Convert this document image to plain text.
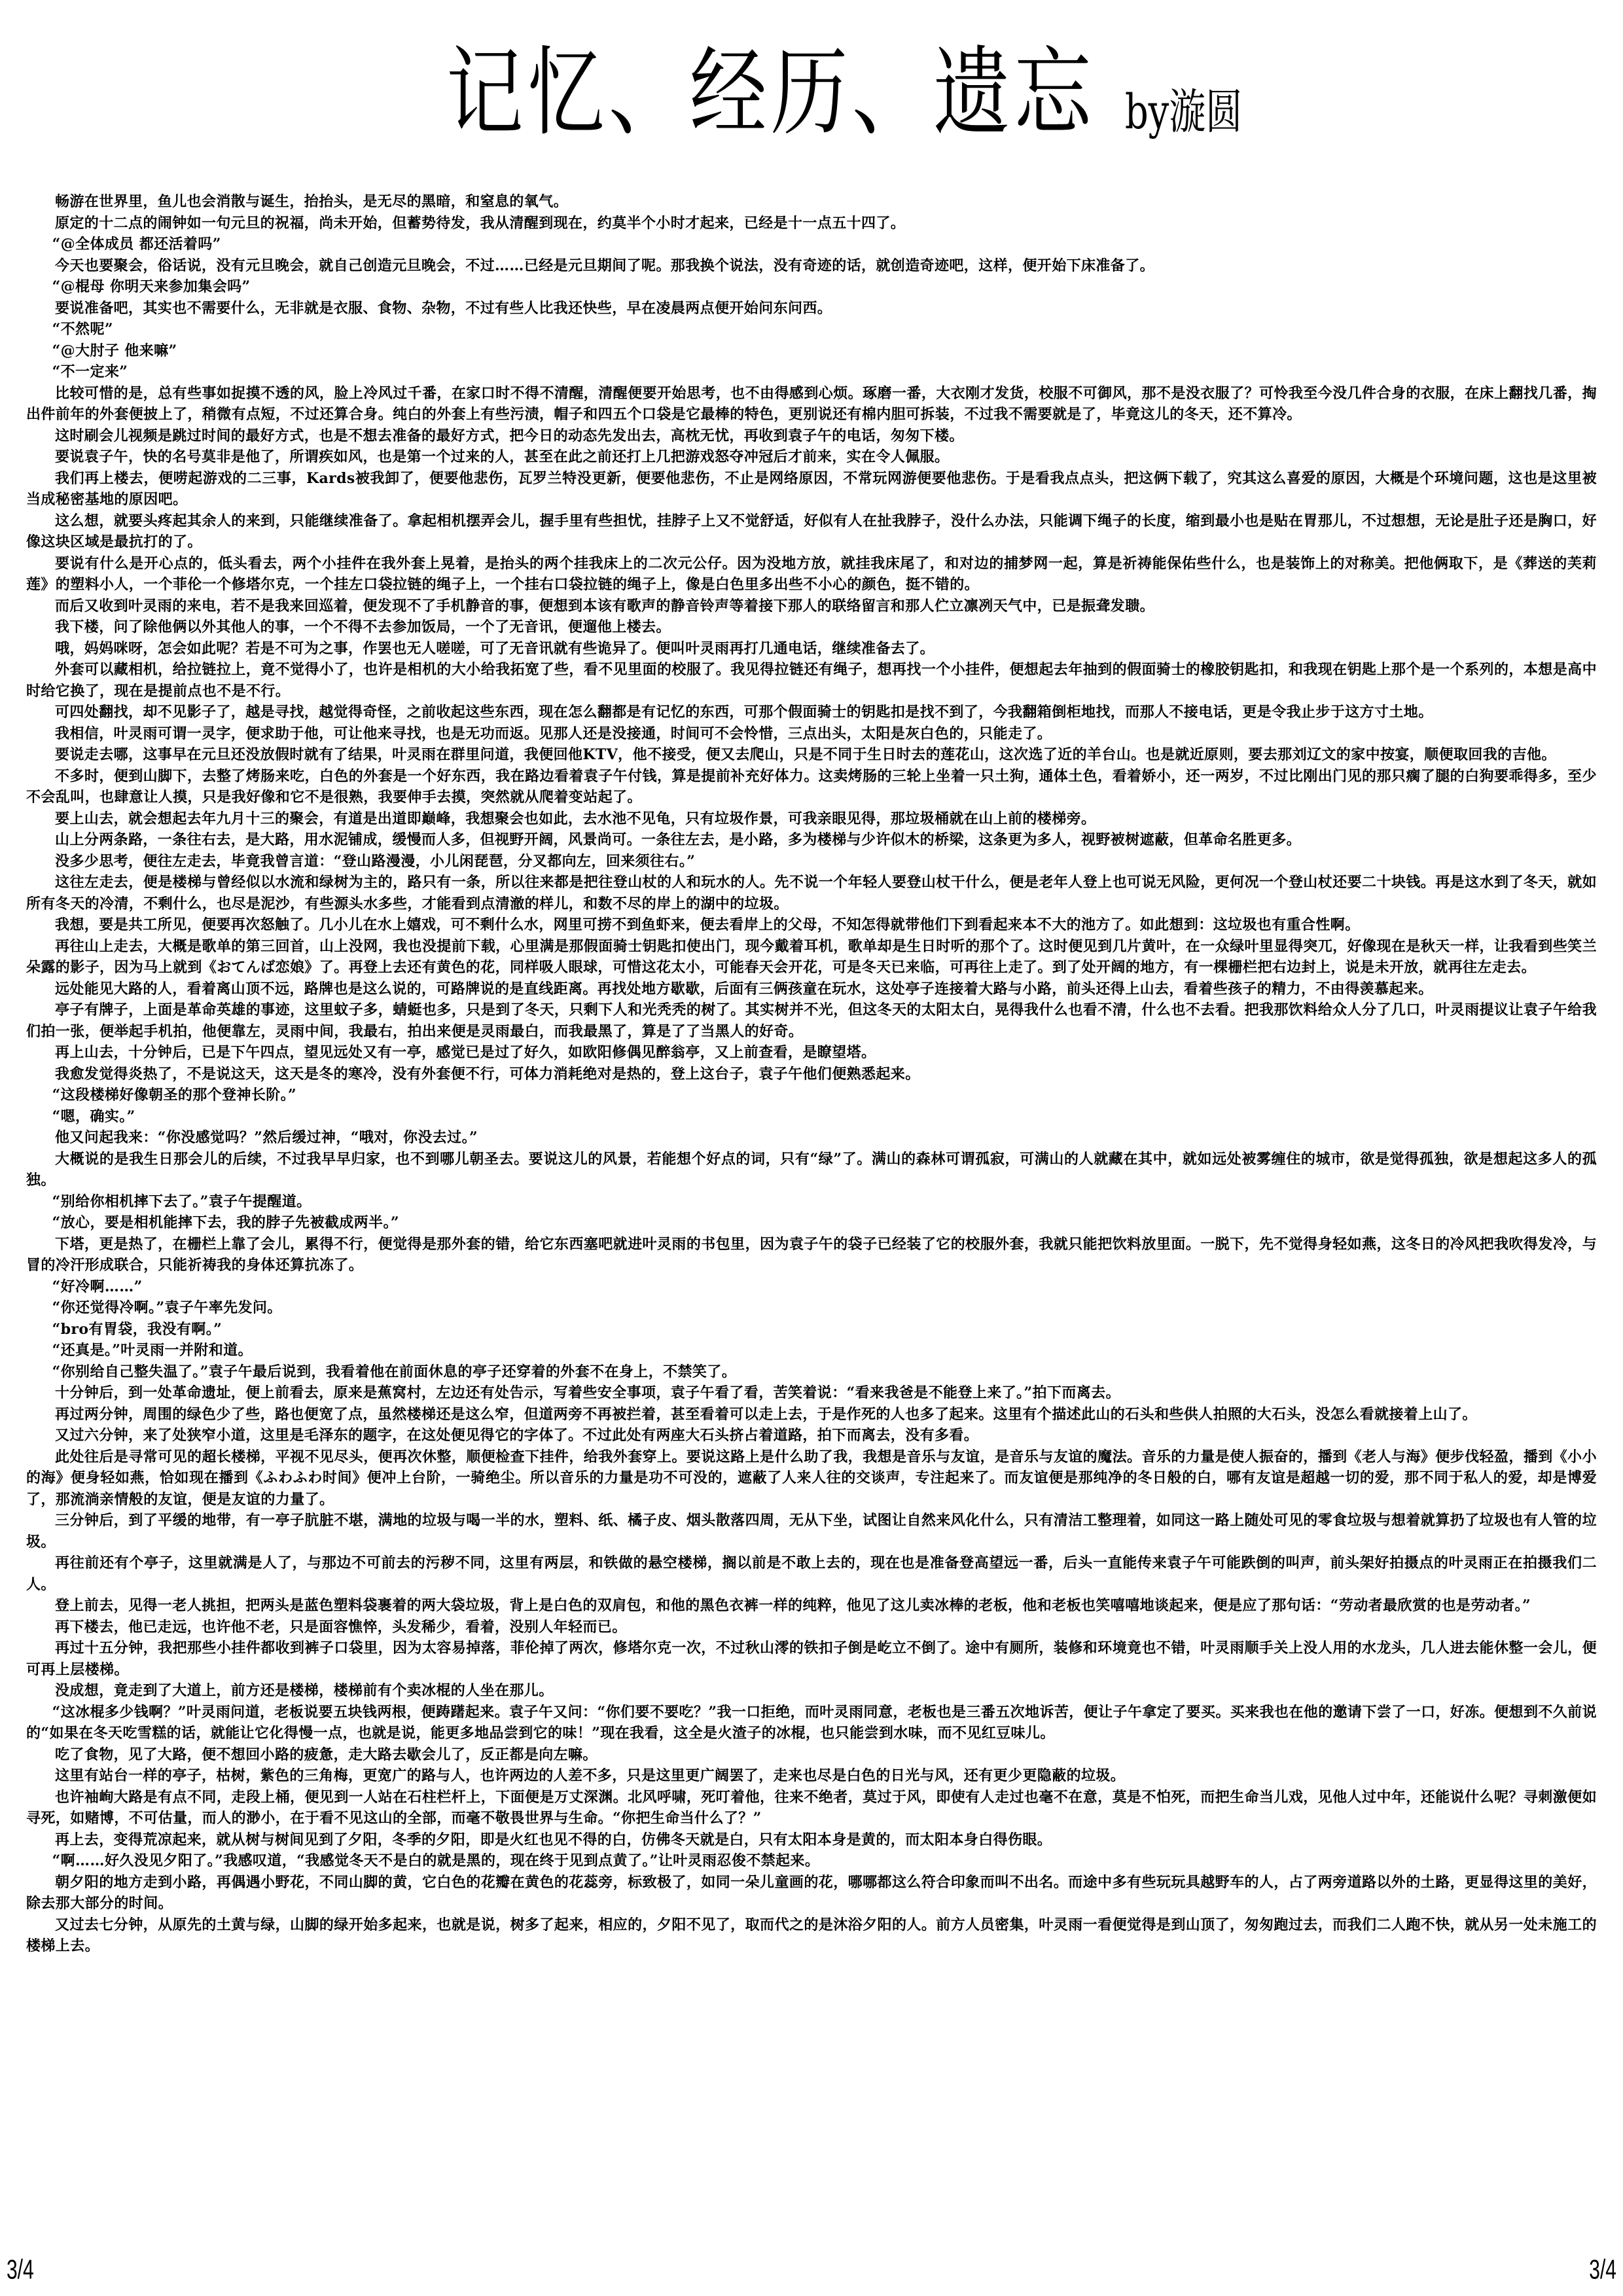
记忆、经历、遗忘 by漩圆

畅游在世界里，鱼儿也会消散与诞生，抬抬头，是无尽的黑暗，和窒息的氧气。

原定的十二点的闹钟如一句元旦的祝福，尚未开始，但蓄势待发，我从清醒到现在，约莫半个小时才起来，已经是十一点五十四了。

“@全体成员 都还活着吗”

今天也要聚会，俗话说，没有元旦晚会，就自己创造元旦晚会，不过……已经是元旦期间了呢。那我换个说法，没有奇迹的话，就创造奇迹吧，这样，便开始下床准备了。

“@棍母 你明天来参加集会吗”

要说准备吧，其实也不需要什么，无非就是衣服、食物、杂物，不过有些人比我还快些，早在凌晨两点便开始问东问西。

“不然呢”

“@大肘子 他来嘛”

“不一定来”

比较可惜的是，总有些事如捉摸不透的风，脸上冷风过千番，在家口时不得不清醒，清醒便要开始思考，也不由得感到心烦。琢磨一番，大衣刚才发货，校服不可御风，那不是没衣服了？可怜我至今没几件合身的衣服，在床上翻找几番，掏出件前年的外套便披上了，稍微有点短，不过还算合身。纯白的外套上有些污渍，帽子和四五个口袋是它最棒的特色，更别说还有棉内胆可拆装，不过我不需要就是了，毕竟这儿的冬天，还不算冷。

这时刷会儿视频是跳过时间的最好方式，也是不想去准备的最好方式，把今日的动态先发出去，高枕无忧，再收到袁子午的电话，匆匆下楼。

要说袁子午，快的名号莫非是他了，所谓疾如风，也是第一个过来的人，甚至在此之前还打上几把游戏怒夺冲冠后才前来，实在令人佩服。

我们再上楼去，便唠起游戏的二三事，Kards被我卸了，便要他悲伤，瓦罗兰特没更新，便要他悲伤，不止是网络原因，不常玩网游便要他悲伤。于是看我点点头，把这俩下载了，究其这么喜爱的原因，大概是个环境问题，这也是这里被当成秘密基地的原因吧。

这么想，就要头疼起其余人的来到，只能继续准备了。拿起相机摆弄会儿，握手里有些担忧，挂脖子上又不觉舒适，好似有人在扯我脖子，没什么办法，只能调下绳子的长度，缩到最小也是贴在胃那儿，不过想想，无论是肚子还是胸口，好像这块区域是最抗打的了。

要说有什么是开心点的，低头看去，两个小挂件在我外套上晃着，是抬头的两个挂我床上的二次元公仔。因为没地方放，就挂我床尾了，和对边的捕梦网一起，算是祈祷能保佑些什么，也是装饰上的对称美。把他俩取下，是《葬送的芙莉莲》的塑料小人，一个菲伦一个修塔尔克，一个挂左口袋拉链的绳子上，一个挂右口袋拉链的绳子上，像是白色里多出些不小心的颜色，挺不错的。

而后又收到叶灵雨的来电，若不是我来回巡着，便发现不了手机静音的事，便想到本该有歌声的静音铃声等着接下那人的联络留言和那人伫立凛冽天气中，已是振聋发聩。

我下楼，问了除他俩以外其他人的事，一个不得不去参加饭局，一个了无音讯，便遛他上楼去。

哦，妈妈咪呀，怎会如此呢？若是不可为之事，作罢也无人嗟嗟，可了无音讯就有些诡异了。便叫叶灵雨再打几通电话，继续准备去了。

外套可以藏相机，给拉链拉上，竟不觉得小了，也许是相机的大小给我拓宽了些，看不见里面的校服了。我见得拉链还有绳子，想再找一个小挂件，便想起去年抽到的假面骑士的橡胶钥匙扣，和我现在钥匙上那个是一个系列的，本想是高中时给它换了，现在是提前点也不是不行。

可四处翻找，却不见影子了，越是寻找，越觉得奇怪，之前收起这些东西，现在怎么翻都是有记忆的东西，可那个假面骑士的钥匙扣是找不到了，今我翻箱倒柜地找，而那人不接电话，更是令我止步于这方寸土地。

我相信，叶灵雨可谓一灵字，便求助于他，可让他来寻找，也是无功而返。见那人还是没接通，时间可不会怜惜，三点出头，太阳是灰白色的，只能走了。

要说走去哪，这事早在元旦还没放假时就有了结果，叶灵雨在群里问道，我便回他KTV，他不接受，便又去爬山，只是不同于生日时去的莲花山，这次选了近的羊台山。也是就近原则，要去那刘辽文的家中按宴，顺便取回我的吉他。

不多时，便到山脚下，去整了烤肠来吃，白色的外套是一个好东西，我在路边看着袁子午付钱，算是提前补充好体力。这卖烤肠的三轮上坐着一只土狗，通体土色，看着娇小，还一两岁，不过比刚出门见的那只瘸了腿的白狗要乖得多，至少不会乱叫，也肆意让人摸，只是我好像和它不是很熟，我要伸手去摸，突然就从爬着变站起了。

要上山去，就会想起去年九月十三的聚会，有道是出道即巅峰，我想聚会也如此，去水池不见龟，只有垃圾作景，可我亲眼见得，那垃圾桶就在山上前的楼梯旁。

山上分两条路，一条往右去，是大路，用水泥铺成，缓慢而人多，但视野开阔，风景尚可。一条往左去，是小路，多为楼梯与少许似木的桥梁，这条更为多人，视野被树遮蔽，但革命名胜更多。

没多少思考，便往左走去，毕竟我曾言道：“登山路漫漫，小儿闲琵琶，分叉都向左，回来须往右。”

这往左走去，便是楼梯与曾经似以水流和绿树为主的，路只有一条，所以往来都是把往登山杖的人和玩水的人。先不说一个年轻人要登山杖干什么，便是老年人登上也可说无风险，更何况一个登山杖还要二十块钱。再是这水到了冬天，就如所有冬天的冷清，不剩什么，也尽是泥沙，有些源头水多些，才能看到点清澈的样儿，和数不尽的岸上的湖中的垃圾。

我想，要是共工所见，便要再次怒触了。几小儿在水上嬉戏，可不剩什么水，网里可捞不到鱼虾来，便去看岸上的父母，不知怎得就带他们下到看起来本不大的池方了。如此想到：这垃圾也有重合性啊。

再往山上走去，大概是歌单的第三回首，山上没网，我也没提前下载，心里满是那假面骑士钥匙扣使出门，现今戴着耳机，歌单却是生日时听的那个了。这时便见到几片黄叶，在一众绿叶里显得突兀，好像现在是秋天一样，让我看到些笑兰朵露的影子，因为马上就到《おてんば恋娘》了。再登上去还有黄色的花，同样吸人眼球，可惜这花太小，可能春天会开花，可是冬天已来临，可再往上走了。到了处开阔的地方，有一棵栅栏把右边封上，说是未开放，就再往左走去。

远处能见大路的人，看着离山顶不远，路牌也是这么说的，可路牌说的是直线距离。再找处地方歇歇，后面有三俩孩童在玩水，这处亭子连接着大路与小路，前头还得上山去，看着些孩子的精力，不由得羡慕起来。

亭子有牌子，上面是革命英雄的事迹，这里蚊子多，蜻蜓也多，只是到了冬天，只剩下人和光秃秃的树了。其实树并不光，但这冬天的太阳太白，晃得我什么也看不清，什么也不去看。把我那饮料给众人分了几口，叶灵雨提议让袁子午给我们拍一张，便举起手机拍，他便靠左，灵雨中间，我最右，拍出来便是灵雨最白，而我最黑了，算是了了当黑人的好奇。

再上山去，十分钟后，已是下午四点，望见远处又有一亭，感觉已是过了好久，如欧阳修偶见醉翁亭，又上前查看，是瞭望塔。

我愈发觉得炎热了，不是说这天，这天是冬的寒冷，没有外套便不行，可体力消耗绝对是热的，登上这台子，袁子午他们便熟悉起来。

“这段楼梯好像朝圣的那个登神长阶。”

“嗯，确实。”

他又问起我来：“你没感觉吗？”然后缓过神，“哦对，你没去过。”

大概说的是我生日那会儿的后续，不过我早早归家，也不到哪儿朝圣去。要说这儿的风景，若能想个好点的词，只有“绿”了。满山的森林可谓孤寂，可满山的人就藏在其中，就如远处被雾缠住的城市，欲是觉得孤独，欲是想起这多人的孤独。

“别给你相机摔下去了。”袁子午提醒道。

“放心，要是相机能摔下去，我的脖子先被截成两半。”

下塔，更是热了，在栅栏上靠了会儿，累得不行，便觉得是那外套的错，给它东西塞吧就进叶灵雨的书包里，因为袁子午的袋子已经装了它的校服外套，我就只能把饮料放里面。一脱下，先不觉得身轻如燕，这冬日的冷风把我吹得发冷，与冒的冷汗形成联合，只能祈祷我的身体还算抗冻了。

“好冷啊……”

“你还觉得冷啊。”袁子午率先发问。

“bro有胃袋，我没有啊。”

“还真是。”叶灵雨一并附和道。

“你别给自己整失温了。”袁子午最后说到，我看着他在前面休息的亭子还穿着的外套不在身上，不禁笑了。

十分钟后，到一处革命遗址，便上前看去，原来是蕉窝村，左边还有处告示，写着些安全事项，袁子午看了看，苦笑着说：“看来我爸是不能登上来了。”拍下而离去。

再过两分钟，周围的绿色少了些，路也便宽了点，虽然楼梯还是这么窄，但道两旁不再被拦着，甚至看着可以走上去，于是作死的人也多了起来。这里有个描述此山的石头和些供人拍照的大石头，没怎么看就接着上山了。

又过六分钟，来了处狭窄小道，这里是毛泽东的题字，在这处便见得它的字体了。不过此处有两座大石头挤占着道路，拍下而离去，没有多看。

此处往后是寻常可见的超长楼梯，平视不见尽头，便再次休整，顺便检查下挂件，给我外套穿上。要说这路上是什么助了我，我想是音乐与友谊，是音乐与友谊的魔法。音乐的力量是使人振奋的，播到《老人与海》便步伐轻盈，播到《小小的海》便身轻如燕，恰如现在播到《ふわふわ时间》便冲上台阶，一骑绝尘。所以音乐的力量是功不可没的，遮蔽了人来人往的交谈声，专注起来了。而友谊便是那纯净的冬日般的白，哪有友谊是超越一切的爱，那不同于私人的爱，却是博爱了，那流淌亲情般的友谊，便是友谊的力量了。

三分钟后，到了平缓的地带，有一亭子肮脏不堪，满地的垃圾与喝一半的水，塑料、纸、橘子皮、烟头散落四周，无从下坐，试图让自然来风化什么，只有清洁工整理着，如同这一路上随处可见的零食垃圾与想着就算扔了垃圾也有人管的垃圾。

再往前还有个亭子，这里就满是人了，与那边不可前去的污秽不同，这里有两层，和铁做的悬空楼梯，搁以前是不敢上去的，现在也是准备登高望远一番，后头一直能传来袁子午可能跌倒的叫声，前头架好拍摄点的叶灵雨正在拍摄我们二人。

登上前去，见得一老人挑担，把两头是蓝色塑料袋裹着的两大袋垃圾，背上是白色的双肩包，和他的黑色衣裤一样的纯粹，他见了这儿卖冰棒的老板，他和老板也笑嘻嘻地谈起来，便是应了那句话：“劳动者最欣赏的也是劳动者。”

再下楼去，他已走远，也许他不老，只是面容憔悴，头发稀少，看着，没别人年轻而已。

再过十五分钟，我把那些小挂件都收到裤子口袋里，因为太容易掉落，菲伦掉了两次，修塔尔克一次，不过秋山澪的铁扣子倒是屹立不倒了。途中有厕所，装修和环境竟也不错，叶灵雨顺手关上没人用的水龙头，几人进去能休整一会儿，便可再上层楼梯。

没成想，竟走到了大道上，前方还是楼梯，楼梯前有个卖冰棍的人坐在那儿。

“这冰棍多少钱啊？”叶灵雨问道，老板说要五块钱两根，便踌躇起来。袁子午又问：“你们要不要吃？”我一口拒绝，而叶灵雨同意，老板也是三番五次地诉苦，便让子午拿定了要买。买来我也在他的邀请下尝了一口，好冻。便想到不久前说的“如果在冬天吃雪糕的话，就能让它化得慢一点，也就是说，能更多地品尝到它的味！”现在我看，这全是火渣子的冰棍，也只能尝到水味，而不见红豆味儿。

吃了食物，见了大路，便不想回小路的疲惫，走大路去歇会儿了，反正都是向左嘛。

这里有站台一样的亭子，枯树，紫色的三角梅，更宽广的路与人，也许两边的人差不多，只是这里更广阔罢了，走来也尽是白色的日光与风，还有更少更隐蔽的垃圾。

也许袖峋大路是有点不同，走段上桶，便见到一人站在石柱栏杆上，下面便是万丈深渊。北风呼啸，死叮着他，往来不绝者，莫过于风，即使有人走过也毫不在意，莫是不怕死，而把生命当儿戏，见他人过中年，还能说什么呢？寻刺激便如寻死，如赌博，不可估量，而人的渺小，在于看不见这山的全部，而毫不敬畏世界与生命。“你把生命当什么了？”

再上去，变得荒凉起来，就从树与树间见到了夕阳，冬季的夕阳，即是火红也见不得的白，仿佛冬天就是白，只有太阳本身是黄的，而太阳本身白得伤眼。

“啊……好久没见夕阳了。”我感叹道，“我感觉冬天不是白的就是黑的，现在终于见到点黄了。”让叶灵雨忍俊不禁起来。

朝夕阳的地方走到小路，再偶遇小野花，不同山脚的黄，它白色的花瓣在黄色的花蕊旁，标致极了，如同一朵儿童画的花，哪哪都这么符合印象而叫不出名。而途中多有些玩玩具越野车的人，占了两旁道路以外的土路，更显得这里的美好，除去那大部分的时间。

又过去七分钟，从原先的土黄与绿，山脚的绿开始多起来，也就是说，树多了起来，相应的，夕阳不见了，取而代之的是沐浴夕阳的人。前方人员密集，叶灵雨一看便觉得是到山顶了，匆匆跑过去，而我们二人跑不快，就从另一处未施工的楼梯上去。

3/4	3/4
